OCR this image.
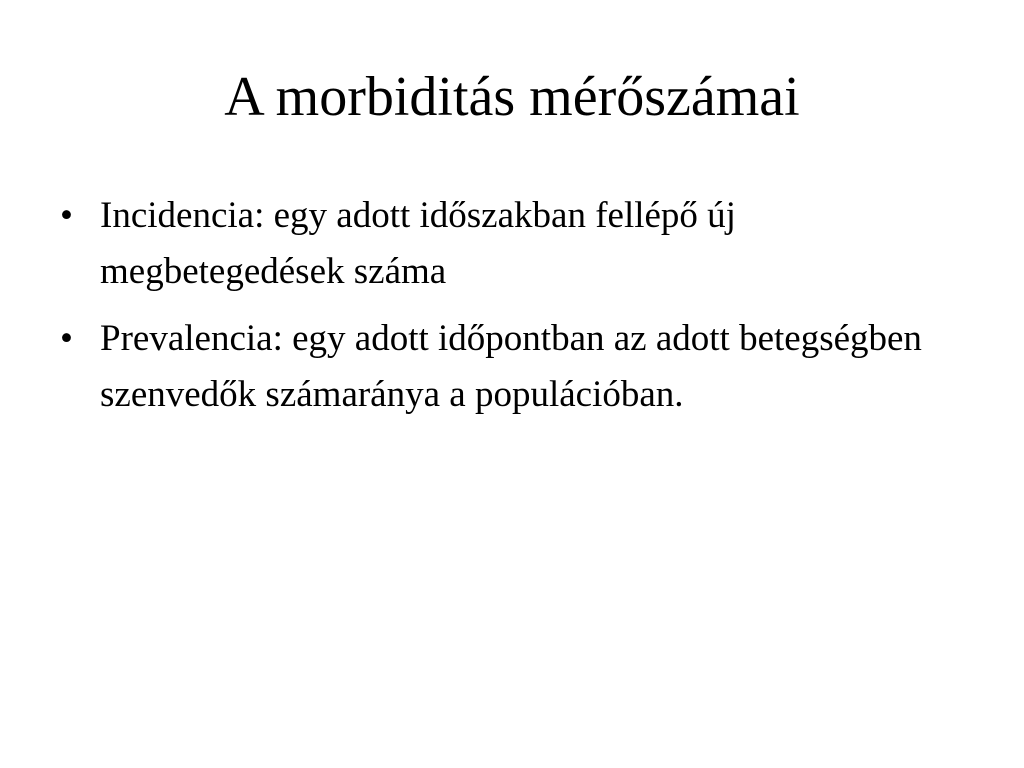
A morbiditás mérőszámai
• Incidencia: egy adott időszakban fellépő új megbetegedések száma
• Prevalencia: egy adott időpontban az adott betegségben szenvedők számaránya a populációban.
